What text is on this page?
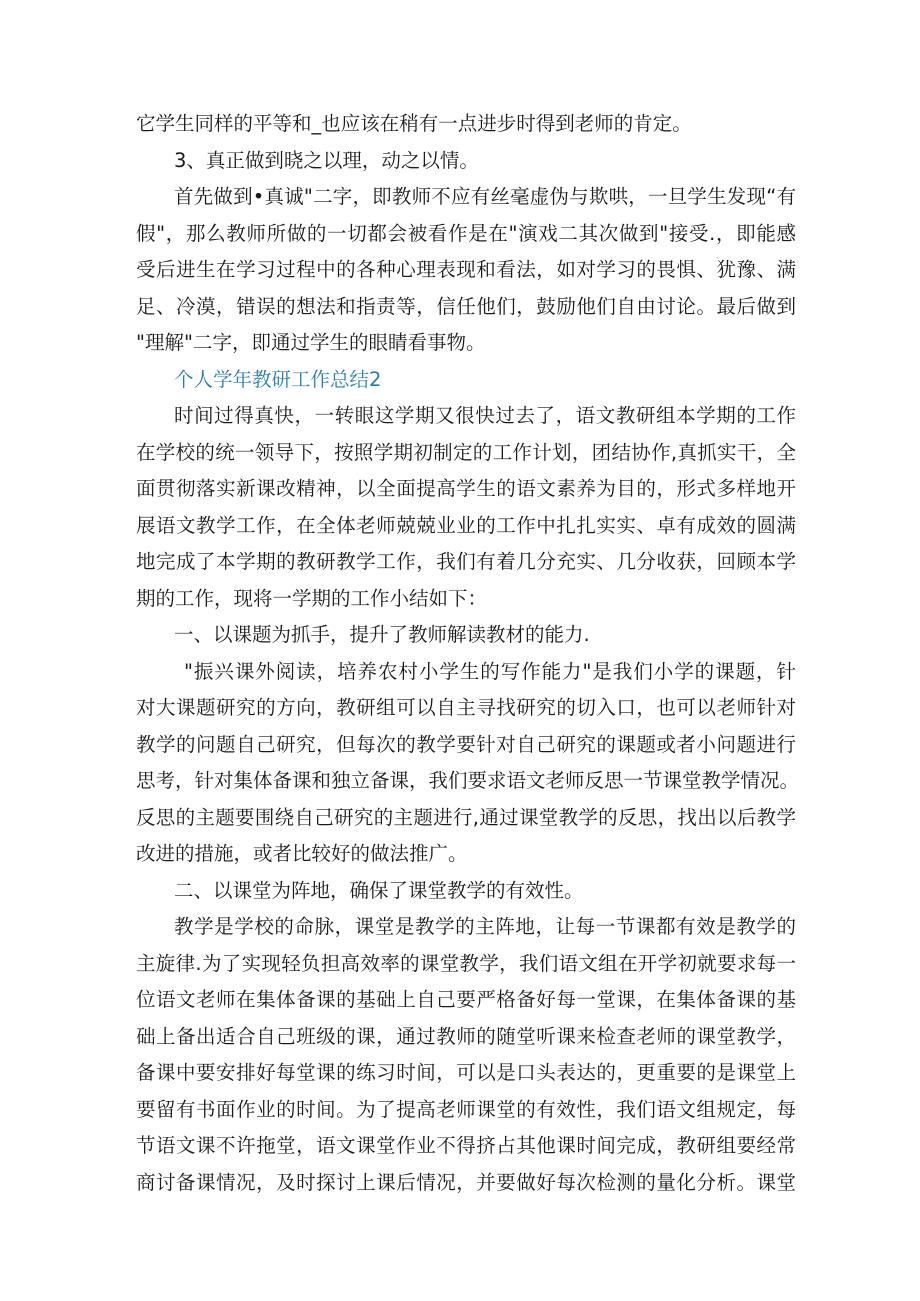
它学生同样的平等和_也应该在稍有一点进步时得到老师的肯定。
3、真正做到晓之以理，动之以情。
首先做到•真诚"二字，即教师不应有丝毫虚伪与欺哄，一旦学生发现“有
假"，那么教师所做的一切都会被看作是在"演戏二其次做到"接受.，即能感
受后进生在学习过程中的各种心理表现和看法，如对学习的畏惧、犹豫、满
足、冷漠，错误的想法和指责等，信任他们，鼓励他们自由讨论。最后做到
"理解"二字，即通过学生的眼睛看事物。
个人学年教研工作总结2
时间过得真快，一转眼这学期又很快过去了，语文教研组本学期的工作
在学校的统一领导下，按照学期初制定的工作计划，团结协作,真抓实干，全
面贯彻落实新课改精神，以全面提高学生的语文素养为目的，形式多样地开
展语文教学工作，在全体老师兢兢业业的工作中扎扎实实、卓有成效的圆满
地完成了本学期的教研教学工作，我们有着几分充实、几分收获，回顾本学
期的工作，现将一学期的工作小结如下：
一、以课题为抓手，提升了教师解读教材的能力.
"振兴课外阅读，培养农村小学生的写作能力"是我们小学的课题，针
对大课题研究的方向，教研组可以自主寻找研究的切入口，也可以老师针对
教学的问题自己研究，但每次的教学要针对自己研究的课题或者小问题进行
思考，针对集体备课和独立备课，我们要求语文老师反思一节课堂教学情况。
反思的主题要围绕自己研究的主题进行,通过课堂教学的反思，找出以后教学
改进的措施，或者比较好的做法推广。
二、以课堂为阵地，确保了课堂教学的有效性。
教学是学校的命脉，课堂是教学的主阵地，让每一节课都有效是教学的
主旋律.为了实现轻负担高效率的课堂教学，我们语文组在开学初就要求每一
位语文老师在集体备课的基础上自己要严格备好每一堂课，在集体备课的基
础上备出适合自己班级的课，通过教师的随堂听课来检查老师的课堂教学，
备课中要安排好每堂课的练习时间，可以是口头表达的，更重要的是课堂上
要留有书面作业的时间。为了提高老师课堂的有效性，我们语文组规定，每
节语文课不许拖堂，语文课堂作业不得挤占其他课时间完成，教研组要经常
商讨备课情况，及时探讨上课后情况，并要做好每次检测的量化分析。课堂
